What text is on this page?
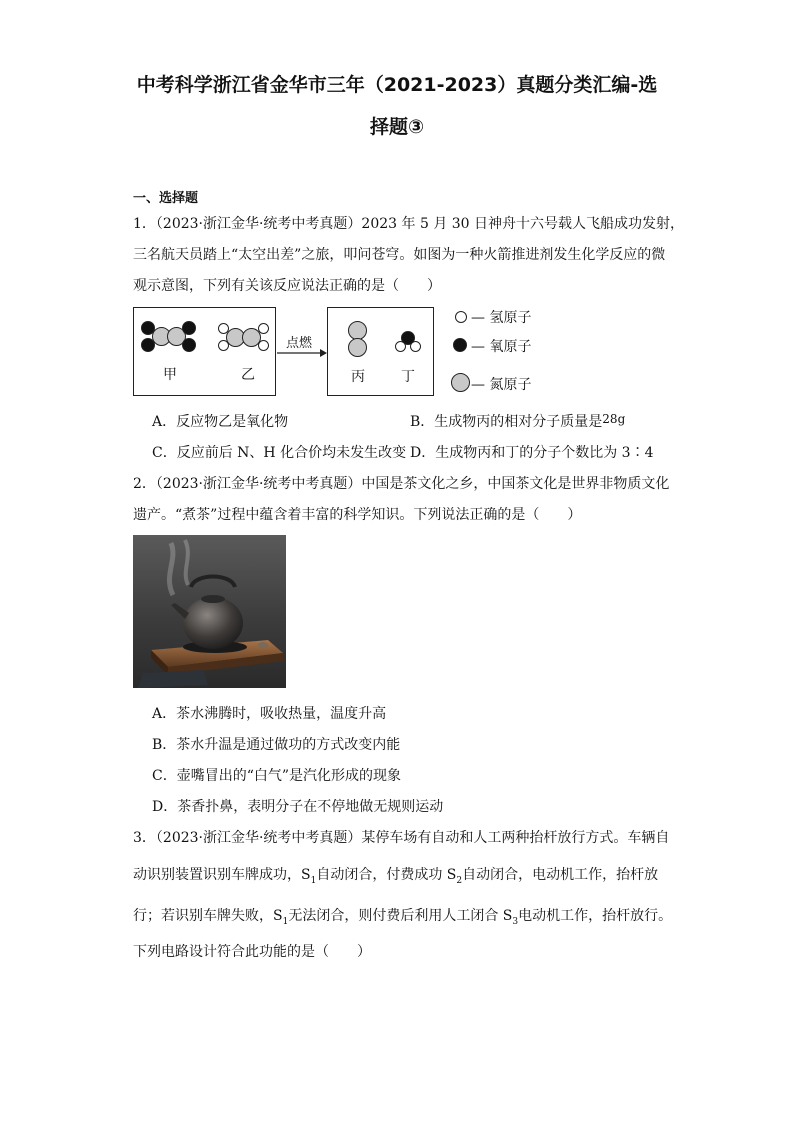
中考科学浙江省金华市三年（2021-2023）真题分类汇编-选
择题③
一、选择题
1．（2023·浙江金华·统考中考真题）2023 年 5 月 30 日神舟十六号载人飞船成功发射，
三名航天员踏上“太空出差”之旅，叩问苍穹。如图为一种火箭推进剂发生化学反应的微
观示意图，下列有关该反应说法正确的是（　　）
甲	乙
点燃
丙	丁
— 氢原子
— 氧原子
— 氮原子
A．反应物乙是氧化物	B．生成物丙的相对分子质量是28g
C．反应前后 N、H 化合价均未发生改变 D．生成物丙和丁的分子个数比为 3∶4
2．（2023·浙江金华·统考中考真题）中国是茶文化之乡，中国茶文化是世界非物质文化
遗产。“煮茶”过程中蕴含着丰富的科学知识。下列说法正确的是（　　）
A．茶水沸腾时，吸收热量，温度升高
B．茶水升温是通过做功的方式改变内能
C．壶嘴冒出的“白气”是汽化形成的现象
D．茶香扑鼻，表明分子在不停地做无规则运动
3．（2023·浙江金华·统考中考真题）某停车场有自动和人工两种抬杆放行方式。车辆自
动识别装置识别车牌成功，$S_1$自动闭合，付费成功 $S_2$自动闭合，电动机工作，抬杆放
行；若识别车牌失败，$S_1$无法闭合，则付费后利用人工闭合 $S_3$电动机工作，抬杆放行。
下列电路设计符合此功能的是（　　）
